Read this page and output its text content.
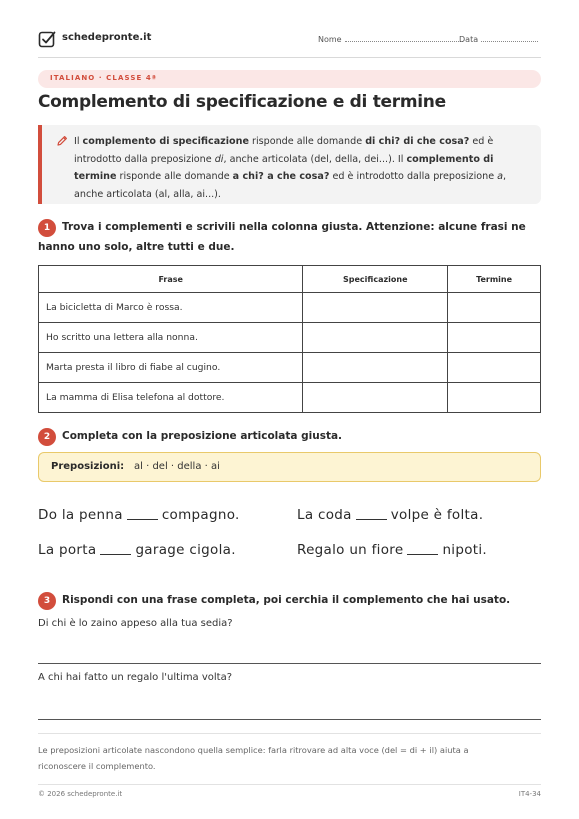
schedepronte.it	Nome	Data
ITALIANO · CLASSE 4ª
Complemento di specificazione e di termine
Il complemento di specificazione risponde alle domande di chi? di che cosa? ed è introdotto dalla preposizione di, anche articolata (del, della, dei...). Il complemento di termine risponde alle domande a chi? a che cosa? ed è introdotto dalla preposizione a, anche articolata (al, alla, ai...).
1 Trova i complementi e scrivili nella colonna giusta. Attenzione: alcune frasi ne hanno uno solo, altre tutti e due.
Frase	Specificazione	Termine
La bicicletta di Marco è rossa.		
Ho scritto una lettera alla nonna.		
Marta presta il libro di fiabe al cugino.		
La mamma di Elisa telefona al dottore.		
2 Completa con la preposizione articolata giusta.
Preposizioni: al · del · della · ai
Do la penna	compagno.	La coda	volpe è folta.
La porta	garage cigola.	Regalo un fiore	nipoti.
3 Rispondi con una frase completa, poi cerchia il complemento che hai usato.
Di chi è lo zaino appeso alla tua sedia?
A chi hai fatto un regalo l'ultima volta?
Le preposizioni articolate nascondono quella semplice: farla ritrovare ad alta voce (del = di + il) aiuta a riconoscere il complemento.
© 2026 schedepronte.it	IT4-34
